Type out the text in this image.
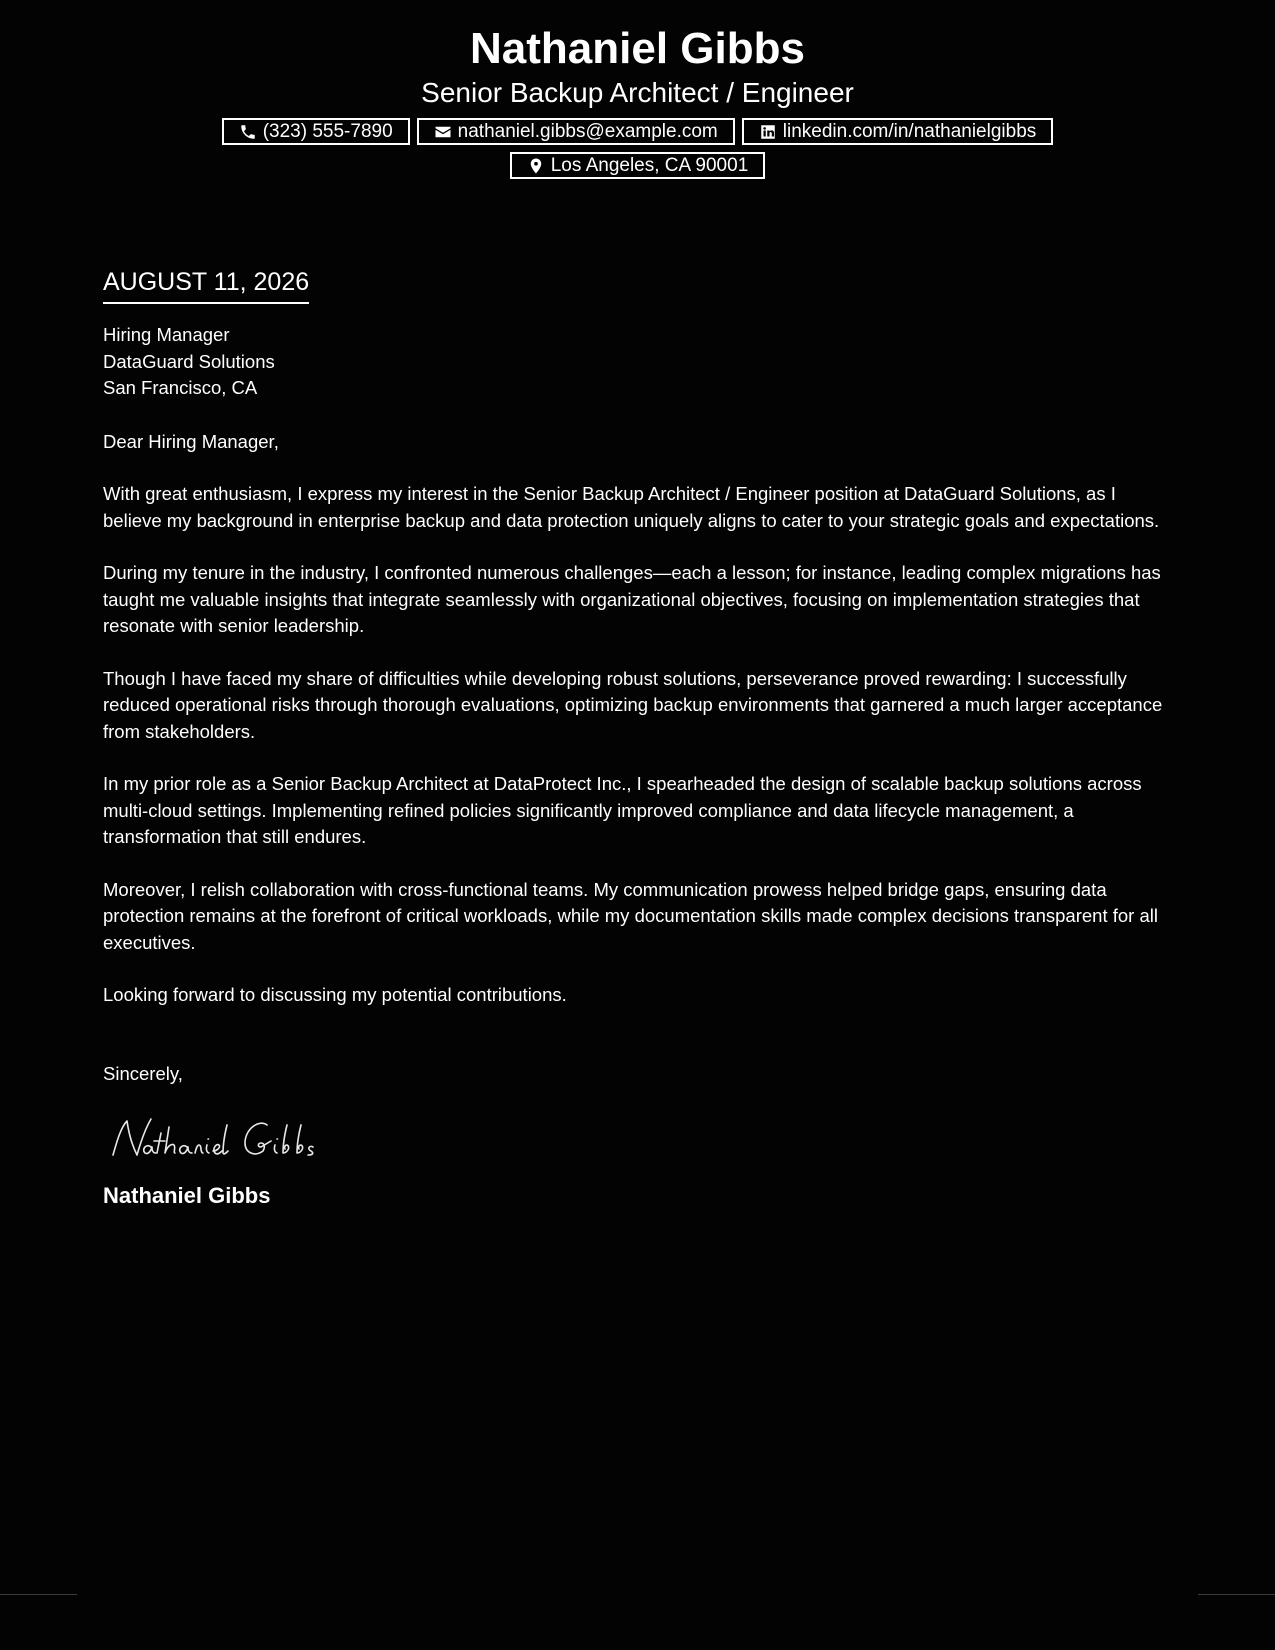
Nathaniel Gibbs
Senior Backup Architect / Engineer
(323) 555-7890	nathaniel.gibbs@example.com	linkedin.com/in/nathanielgibbs
Los Angeles, CA 90001
AUGUST 11, 2026
Hiring Manager
DataGuard Solutions
San Francisco, CA
Dear Hiring Manager,
With great enthusiasm, I express my interest in the Senior Backup Architect / Engineer position at DataGuard Solutions, as I believe my background in enterprise backup and data protection uniquely aligns to cater to your strategic goals and expectations.
During my tenure in the industry, I confronted numerous challenges—each a lesson; for instance, leading complex migrations has taught me valuable insights that integrate seamlessly with organizational objectives, focusing on implementation strategies that resonate with senior leadership.
Though I have faced my share of difficulties while developing robust solutions, perseverance proved rewarding: I successfully reduced operational risks through thorough evaluations, optimizing backup environments that garnered a much larger acceptance from stakeholders.
In my prior role as a Senior Backup Architect at DataProtect Inc., I spearheaded the design of scalable backup solutions across multi-cloud settings. Implementing refined policies significantly improved compliance and data lifecycle management, a transformation that still endures.
Moreover, I relish collaboration with cross-functional teams. My communication prowess helped bridge gaps, ensuring data protection remains at the forefront of critical workloads, while my documentation skills made complex decisions transparent for all executives.
Looking forward to discussing my potential contributions.
Sincerely,
Nathaniel Gibbs
